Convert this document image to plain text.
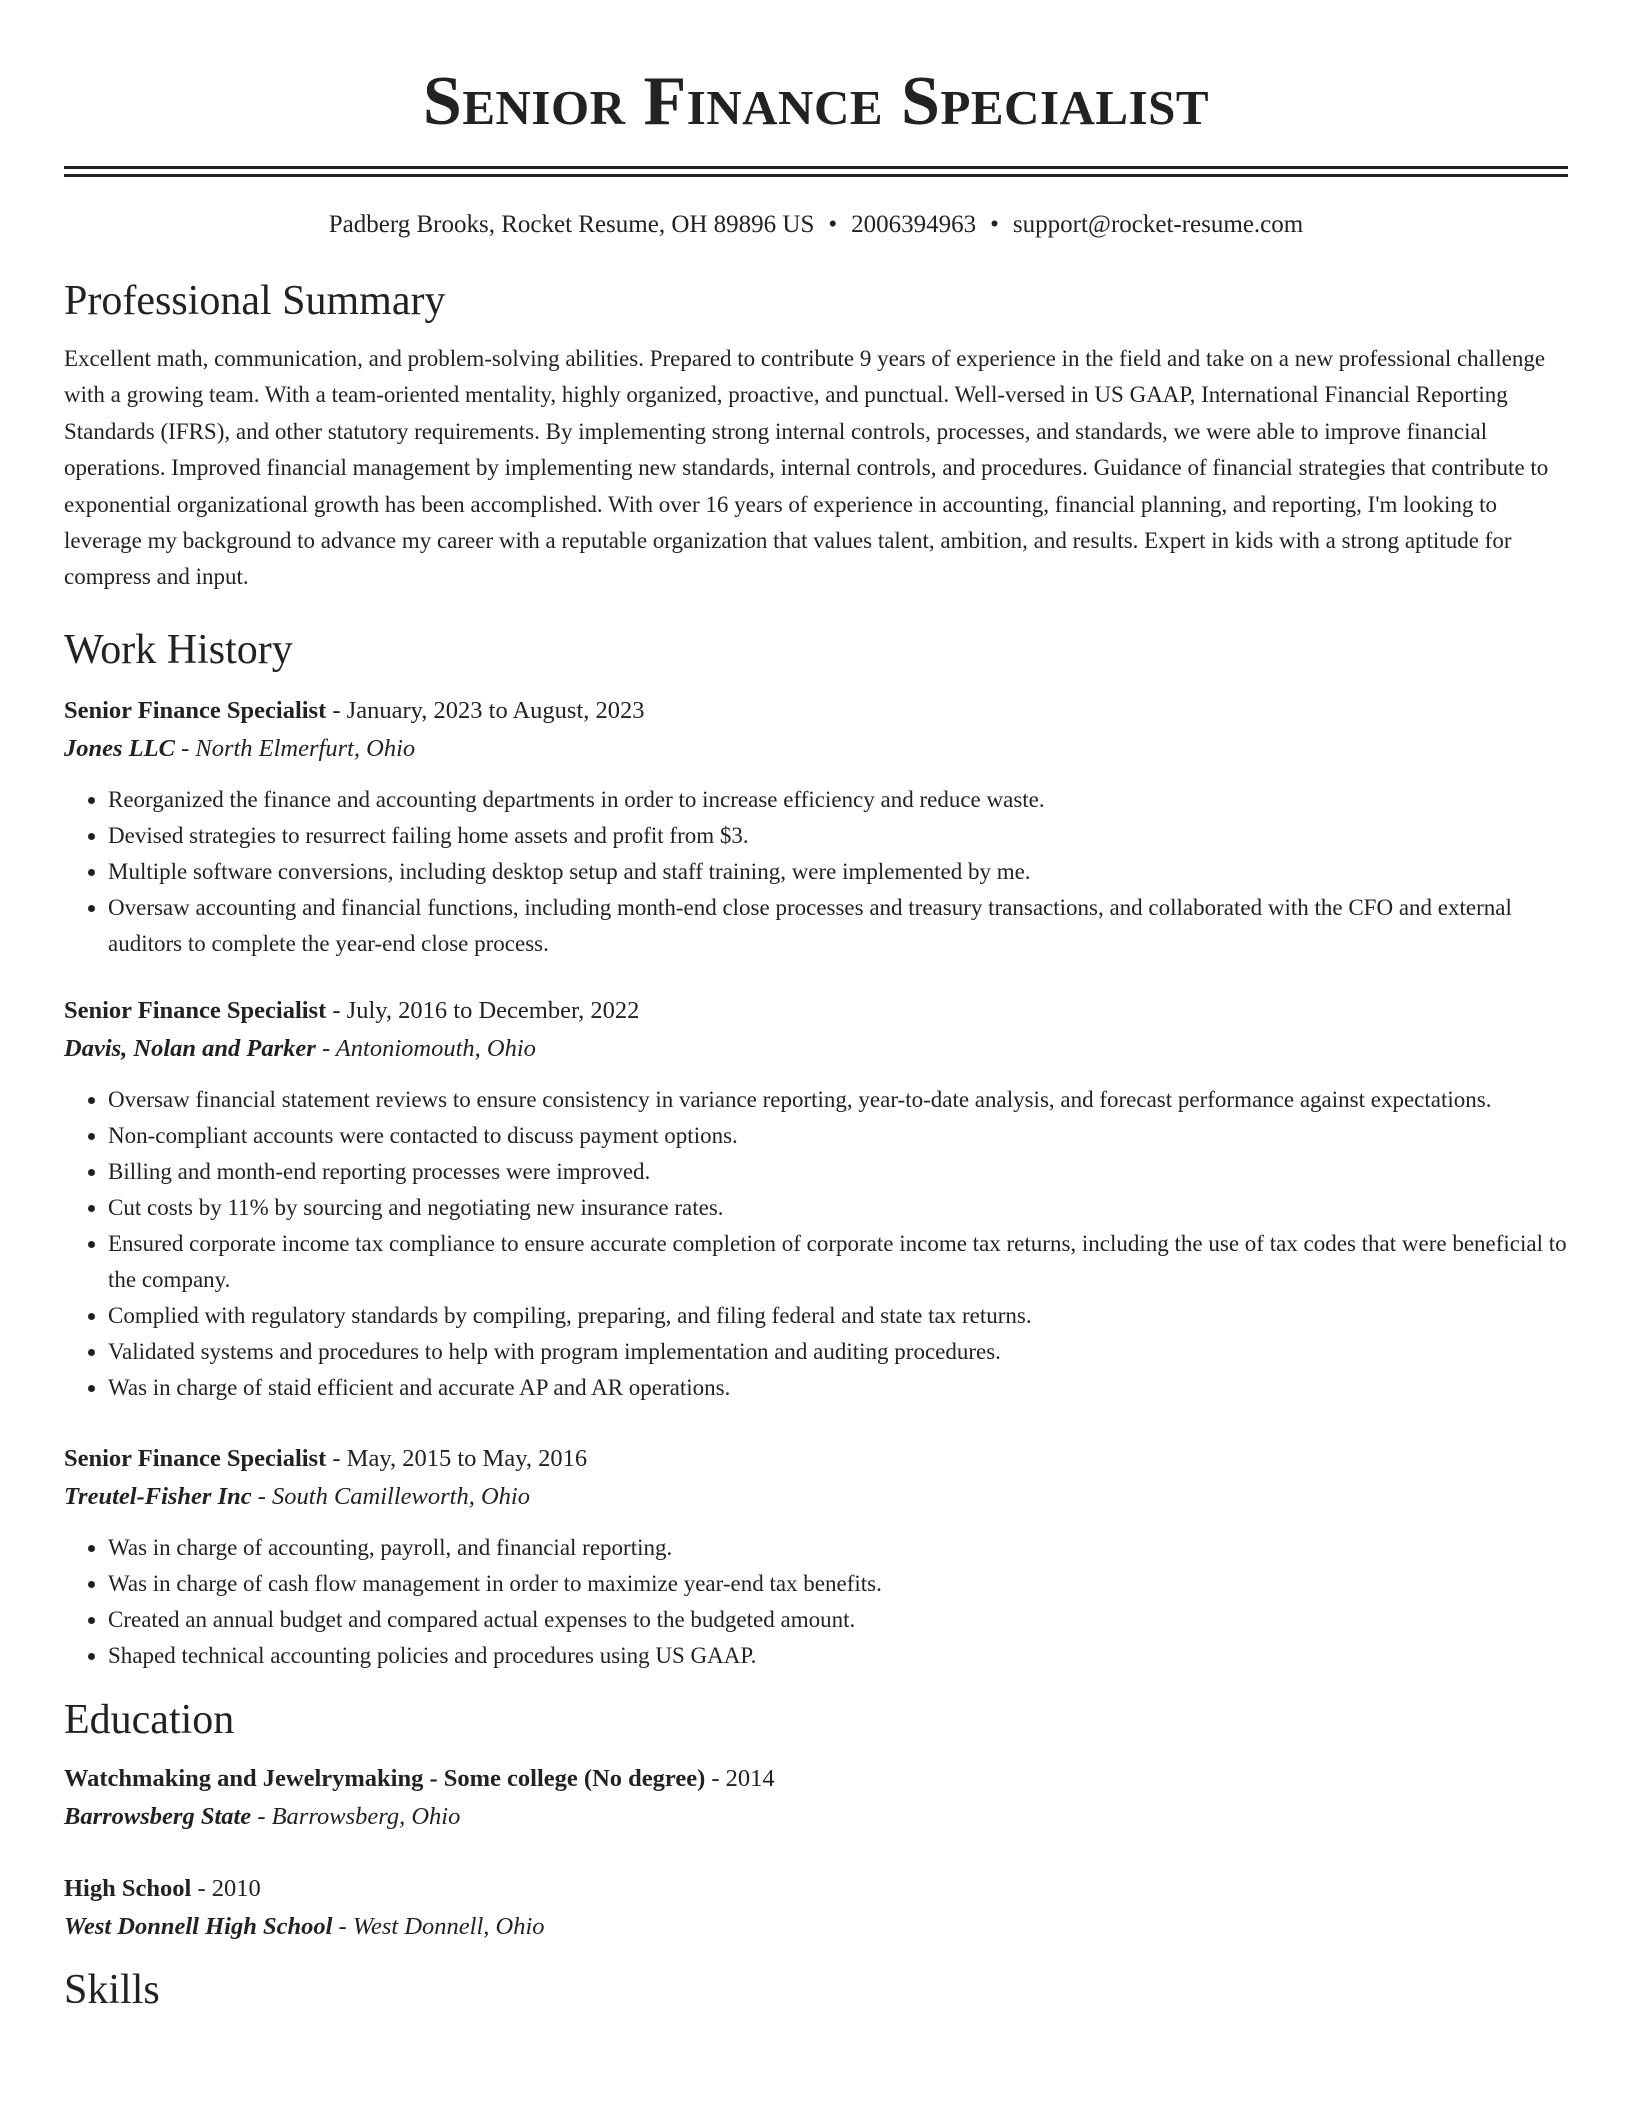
Senior Finance Specialist
Padberg Brooks, Rocket Resume, OH 89896 US • 2006394963 • support@rocket-resume.com
Professional Summary
Excellent math, communication, and problem-solving abilities. Prepared to contribute 9 years of experience in the field and take on a new professional challenge with a growing team. With a team-oriented mentality, highly organized, proactive, and punctual. Well-versed in US GAAP, International Financial Reporting Standards (IFRS), and other statutory requirements. By implementing strong internal controls, processes, and standards, we were able to improve financial operations. Improved financial management by implementing new standards, internal controls, and procedures. Guidance of financial strategies that contribute to exponential organizational growth has been accomplished. With over 16 years of experience in accounting, financial planning, and reporting, I'm looking to leverage my background to advance my career with a reputable organization that values talent, ambition, and results. Expert in kids with a strong aptitude for compress and input.
Work History
Senior Finance Specialist - January, 2023 to August, 2023
Jones LLC - North Elmerfurt, Ohio
• Reorganized the finance and accounting departments in order to increase efficiency and reduce waste.
• Devised strategies to resurrect failing home assets and profit from $3.
• Multiple software conversions, including desktop setup and staff training, were implemented by me.
• Oversaw accounting and financial functions, including month-end close processes and treasury transactions, and collaborated with the CFO and external auditors to complete the year-end close process.
Senior Finance Specialist - July, 2016 to December, 2022
Davis, Nolan and Parker - Antoniomouth, Ohio
• Oversaw financial statement reviews to ensure consistency in variance reporting, year-to-date analysis, and forecast performance against expectations.
• Non-compliant accounts were contacted to discuss payment options.
• Billing and month-end reporting processes were improved.
• Cut costs by 11% by sourcing and negotiating new insurance rates.
• Ensured corporate income tax compliance to ensure accurate completion of corporate income tax returns, including the use of tax codes that were beneficial to the company.
• Complied with regulatory standards by compiling, preparing, and filing federal and state tax returns.
• Validated systems and procedures to help with program implementation and auditing procedures.
• Was in charge of staid efficient and accurate AP and AR operations.
Senior Finance Specialist - May, 2015 to May, 2016
Treutel-Fisher Inc - South Camilleworth, Ohio
• Was in charge of accounting, payroll, and financial reporting.
• Was in charge of cash flow management in order to maximize year-end tax benefits.
• Created an annual budget and compared actual expenses to the budgeted amount.
• Shaped technical accounting policies and procedures using US GAAP.
Education
Watchmaking and Jewelrymaking - Some college (No degree) - 2014
Barrowsberg State - Barrowsberg, Ohio
High School - 2010
West Donnell High School - West Donnell, Ohio
Skills
